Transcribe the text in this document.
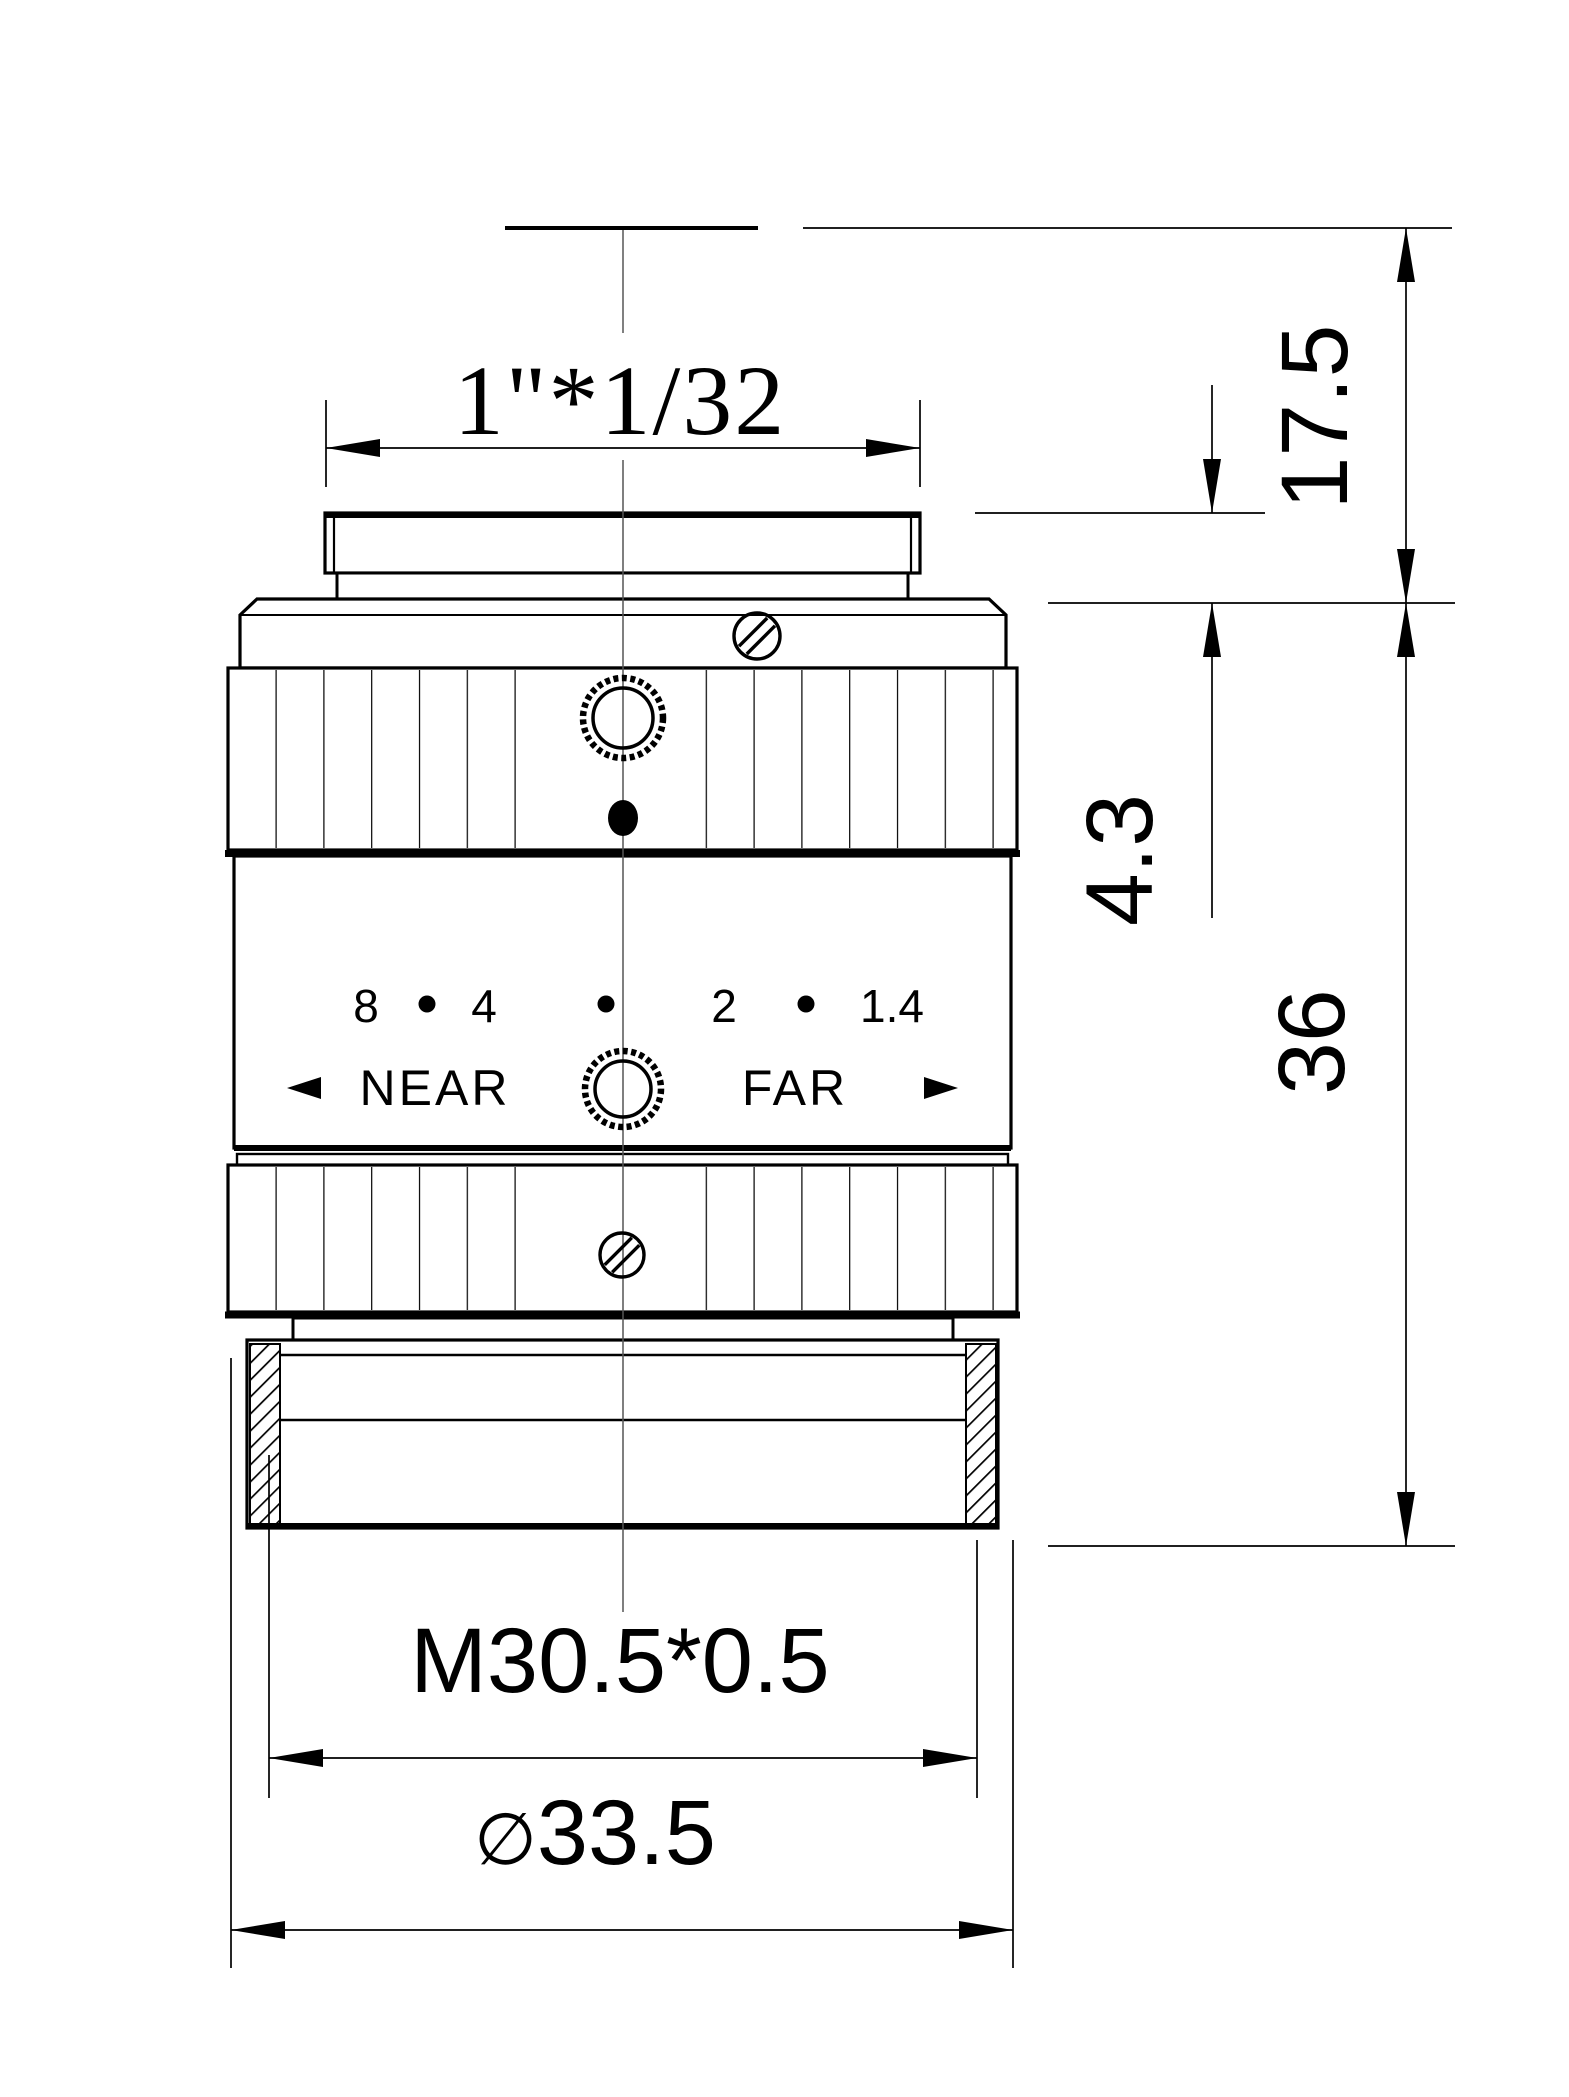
8 4	2	1.4
NEAR	FAR
1"*1/32	17.5
4.3
36
M30.5*0.5
∅33.5
